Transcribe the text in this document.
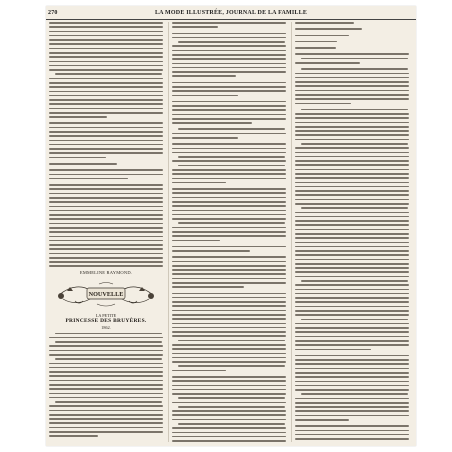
270	LA MODE ILLUSTRÉE, JOURNAL DE LA FAMILLE
EMMELINE RAYMOND.
NOUVELLE
LA PETITE
PRINCESSE DES BRUYÈRES.
1862.
